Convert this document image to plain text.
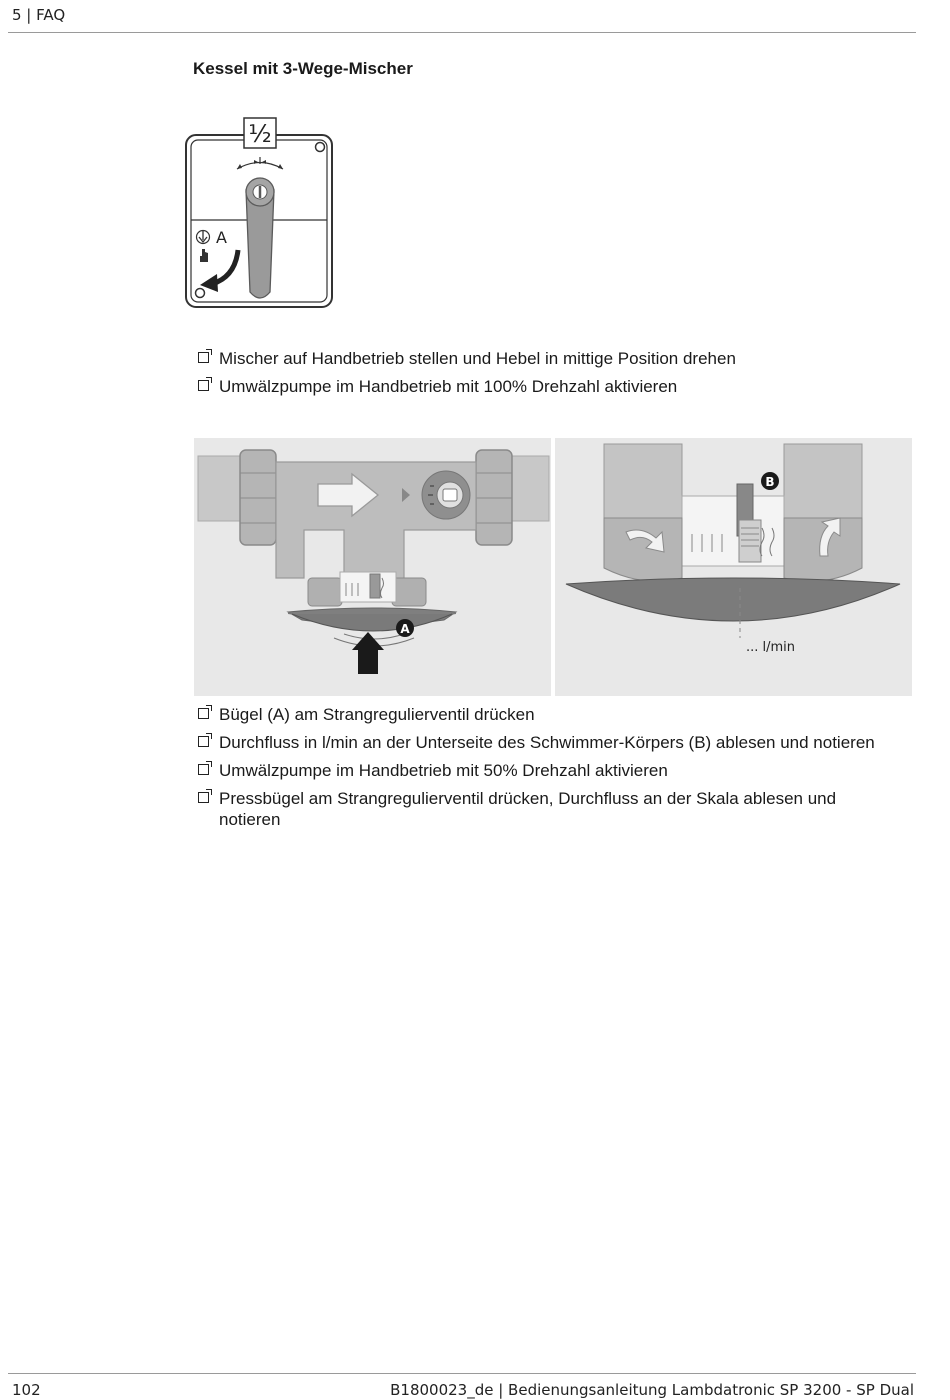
5 | FAQ
Kessel mit 3-Wege-Mischer
½
A
Mischer auf Handbetrieb stellen und Hebel in mittige Position drehen
Umwälzpumpe im Handbetrieb mit 100% Drehzahl aktivieren
A
B
... l/min
Bügel (A) am Strangregulierventil drücken
Durchfluss in l/min an der Unterseite des Schwimmer-Körpers (B) ablesen und notieren
Umwälzpumpe im Handbetrieb mit 50% Drehzahl aktivieren
Pressbügel am Strangregulierventil drücken, Durchfluss an der Skala ablesen und notieren
102	B1800023_de | Bedienungsanleitung Lambdatronic SP 3200 - SP Dual
